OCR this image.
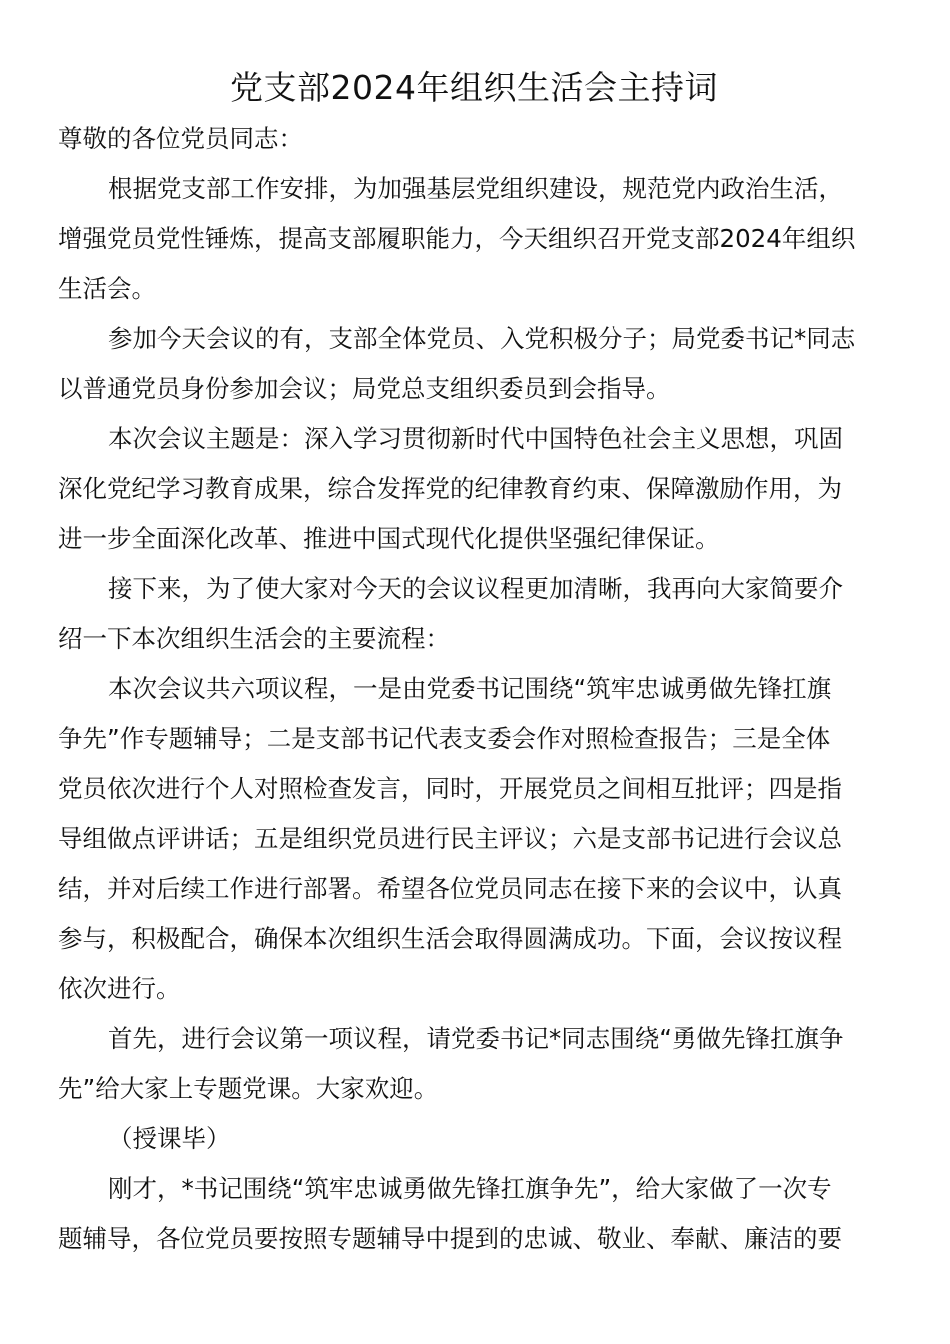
党支部2024年组织生活会主持词

尊敬的各位党员同志：

根据党支部工作安排，为加强基层党组织建设，规范党内政治生活，

增强党员党性锤炼，提高支部履职能力，今天组织召开党支部2024年组织

生活会。

参加今天会议的有，支部全体党员、入党积极分子；局党委书记*同志

以普通党员身份参加会议；局党总支组织委员到会指导。

本次会议主题是：深入学习贯彻新时代中国特色社会主义思想，巩固

深化党纪学习教育成果，综合发挥党的纪律教育约束、保障激励作用，为

进一步全面深化改革、推进中国式现代化提供坚强纪律保证。

接下来，为了使大家对今天的会议议程更加清晰，我再向大家简要介

绍一下本次组织生活会的主要流程：

本次会议共六项议程，一是由党委书记围绕“筑牢忠诚勇做先锋扛旗

争先”作专题辅导；二是支部书记代表支委会作对照检查报告；三是全体

党员依次进行个人对照检查发言，同时，开展党员之间相互批评；四是指

导组做点评讲话；五是组织党员进行民主评议；六是支部书记进行会议总

结，并对后续工作进行部署。希望各位党员同志在接下来的会议中，认真

参与，积极配合，确保本次组织生活会取得圆满成功。下面，会议按议程

依次进行。

首先，进行会议第一项议程，请党委书记*同志围绕“勇做先锋扛旗争

先”给大家上专题党课。大家欢迎。

（授课毕）

刚才，*书记围绕“筑牢忠诚勇做先锋扛旗争先”，给大家做了一次专

题辅导，各位党员要按照专题辅导中提到的忠诚、敬业、奉献、廉洁的要
